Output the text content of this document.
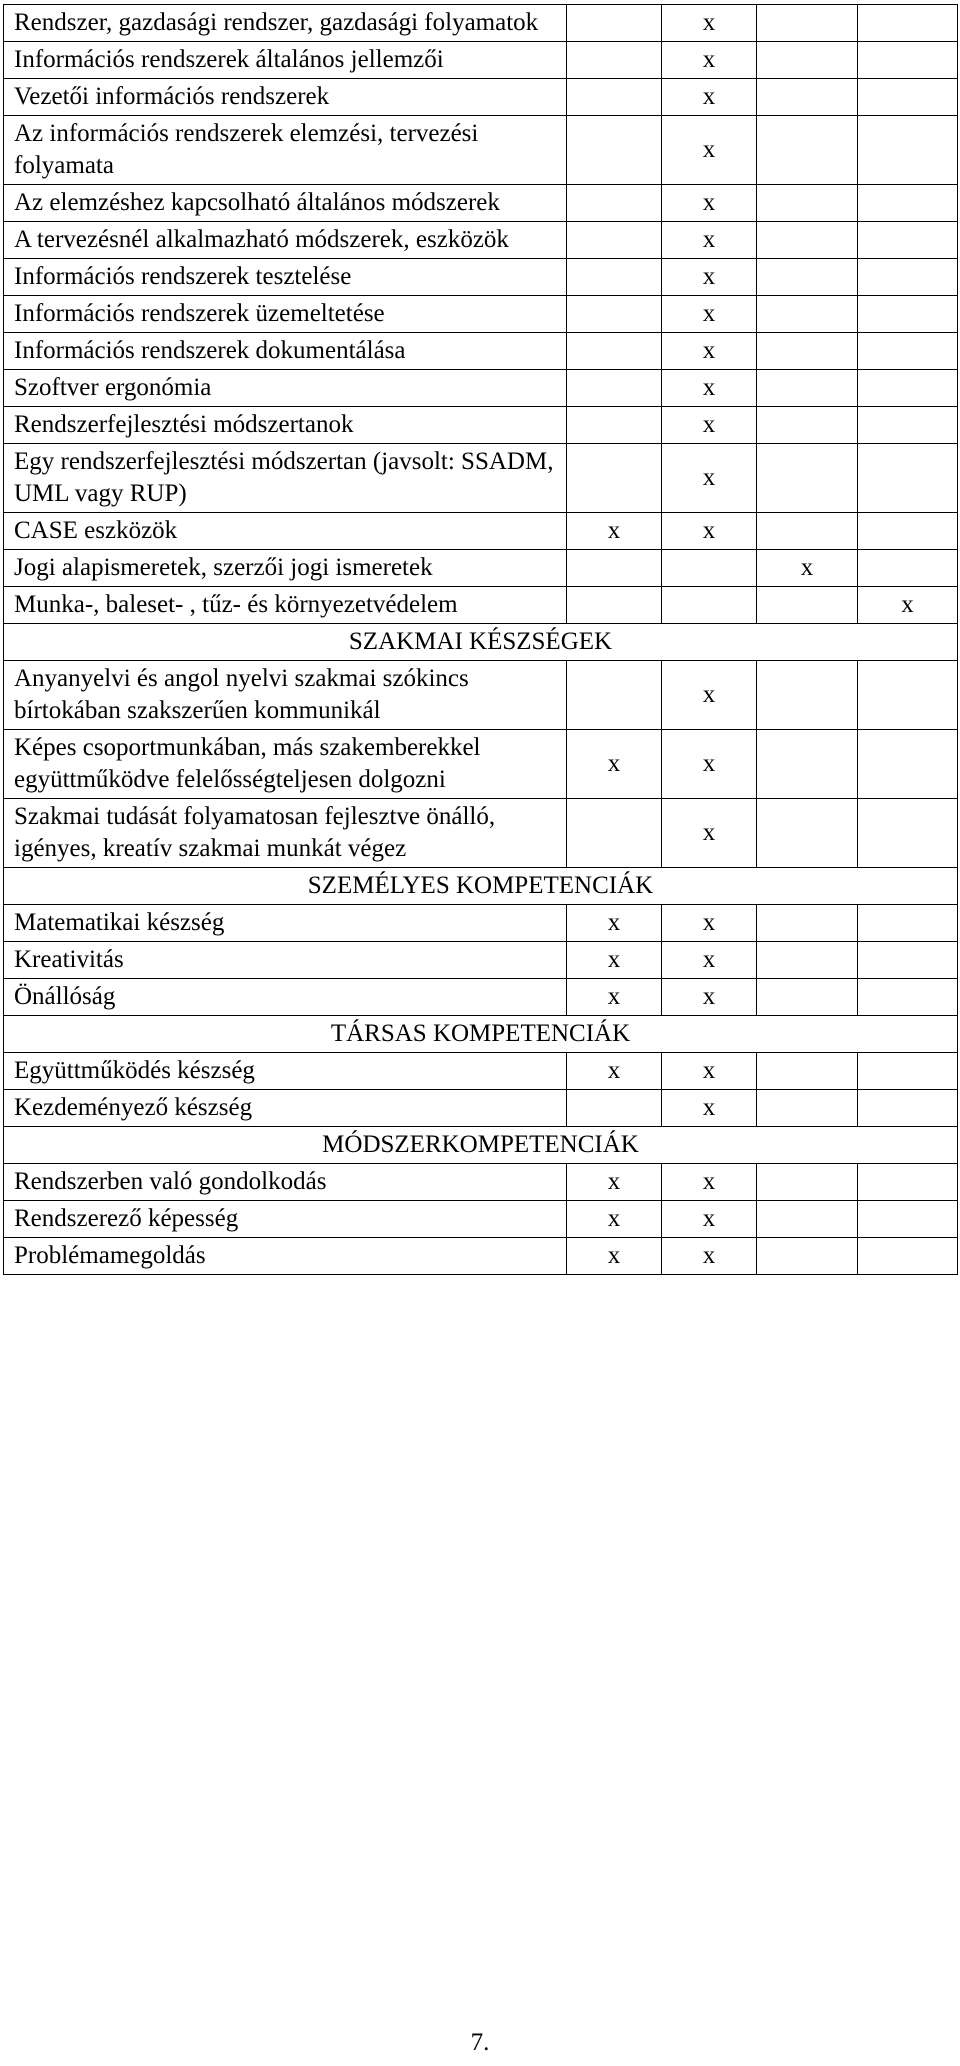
Rendszer, gazdasági rendszer, gazdasági folyamatok		x		
Információs rendszerek általános jellemzői		x		
Vezetői információs rendszerek		x		
Az információs rendszerek elemzési, tervezési folyamata		x		
Az elemzéshez kapcsolható általános módszerek		x		
A tervezésnél alkalmazható módszerek, eszközök		x		
Információs rendszerek tesztelése		x		
Információs rendszerek üzemeltetése		x		
Információs rendszerek dokumentálása		x		
Szoftver ergonómia		x		
Rendszerfejlesztési módszertanok		x		
Egy rendszerfejlesztési módszertan (javsolt: SSADM, UML vagy RUP)		x		
CASE eszközök	x	x		
Jogi alapismeretek, szerzői jogi ismeretek			x	
Munka-, baleset- , tűz- és környezetvédelem				x
SZAKMAI KÉSZSÉGEK				
Anyanyelvi és angol nyelvi szakmai szókincs bírtokában szakszerűen kommunikál		x		
Képes csoportmunkában, más szakemberekkel együttműködve felelősségteljesen dolgozni	x	x		
Szakmai tudását folyamatosan fejlesztve önálló, igényes, kreatív szakmai munkát végez		x		
SZEMÉLYES KOMPETENCIÁK				
Matematikai készség	x	x		
Kreativitás	x	x		
Önállóság	x	x		
TÁRSAS KOMPETENCIÁK				
Együttműködés készség	x	x		
Kezdeményező készség		x		
MÓDSZERKOMPETENCIÁK				
Rendszerben való gondolkodás	x	x		
Rendszerező képesség	x	x		
Problémamegoldás	x	x		
7.
